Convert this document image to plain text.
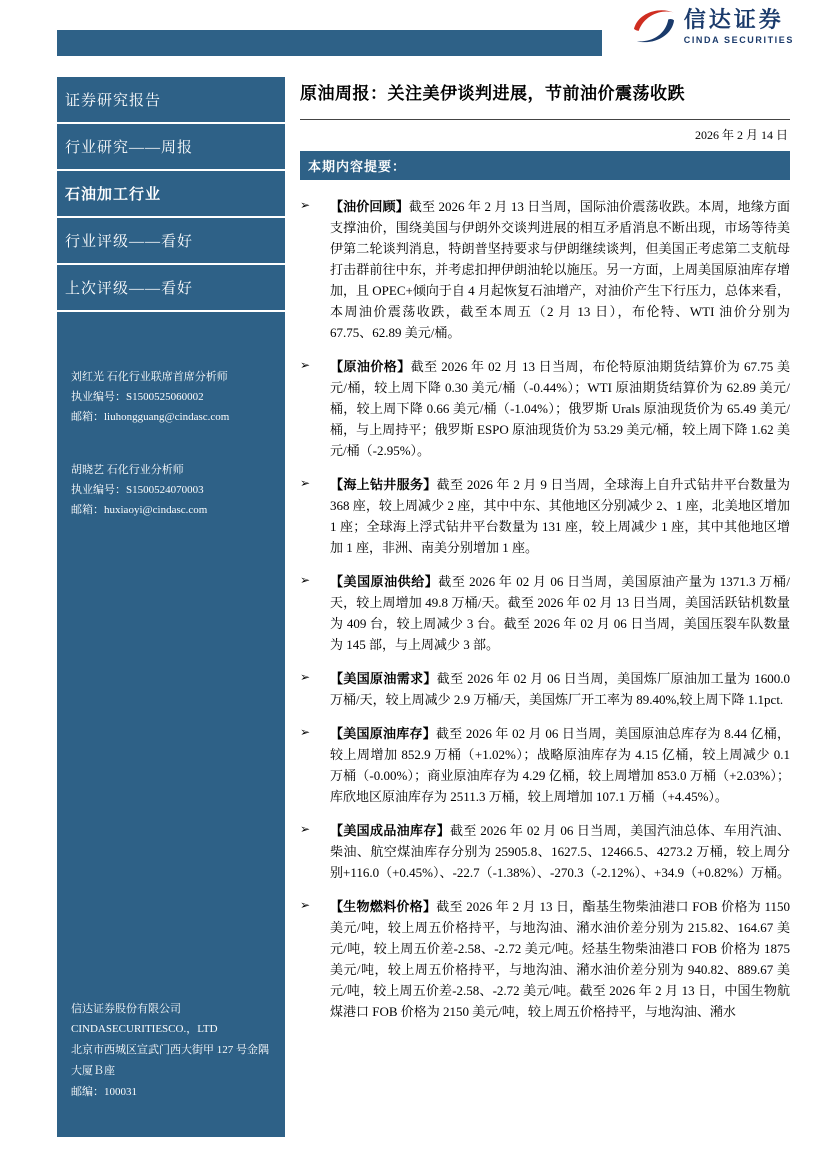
信达证券
CINDA SECURITIES
证券研究报告
行业研究——周报
石油加工行业
行业评级——看好
上次评级——看好
刘红光 石化行业联席首席分析师
执业编号：S1500525060002
邮箱：liuhongguang@cindasc.com
胡晓艺 石化行业分析师
执业编号：S1500524070003
邮箱：huxiaoyi@cindasc.com
信达证券股份有限公司
CINDASECURITIESCO.，LTD
北京市西城区宣武门西大街甲 127 号金隅
大厦Ｂ座
邮编：100031
原油周报：关注美伊谈判进展，节前油价震荡收跌
2026 年 2 月 14 日
本期内容提要：
➢	【油价回顾】截至 2026 年 2 月 13 日当周，国际油价震荡收跌。本周，地缘方面支撑油价，围绕美国与伊朗外交谈判进展的相互矛盾消息不断出现，市场等待美伊第二轮谈判消息，特朗普坚持要求与伊朗继续谈判，但美国正考虑第二支航母打击群前往中东，并考虑扣押伊朗油轮以施压。另一方面，上周美国原油库存增加，且 OPEC+倾向于自 4 月起恢复石油增产，对油价产生下行压力，总体来看，本周油价震荡收跌，截至本周五（2 月 13 日），布伦特、WTI 油价分别为 67.75、62.89 美元/桶。

➢	【原油价格】截至 2026 年 02 月 13 日当周，布伦特原油期货结算价为 67.75 美元/桶，较上周下降 0.30 美元/桶（-0.44%）；WTI 原油期货结算价为 62.89 美元/桶，较上周下降 0.66 美元/桶（-1.04%）；俄罗斯 Urals 原油现货价为 65.49 美元/桶，与上周持平；俄罗斯 ESPO 原油现货价为 53.29 美元/桶，较上周下降 1.62 美元/桶（-2.95%）。

➢	【海上钻井服务】截至 2026 年 2 月 9 日当周，全球海上自升式钻井平台数量为 368 座，较上周减少 2 座，其中中东、其他地区分别减少 2、1 座，北美地区增加 1 座；全球海上浮式钻井平台数量为 131 座，较上周减少 1 座，其中其他地区增加 1 座，非洲、南美分别增加 1 座。

➢	【美国原油供给】截至 2026 年 02 月 06 日当周，美国原油产量为 1371.3 万桶/天，较上周增加 49.8 万桶/天。截至 2026 年 02 月 13 日当周，美国活跃钻机数量为 409 台，较上周减少 3 台。截至 2026 年 02 月 06 日当周，美国压裂车队数量为 145 部，与上周减少 3 部。

➢	【美国原油需求】截至 2026 年 02 月 06 日当周，美国炼厂原油加工量为 1600.0 万桶/天，较上周减少 2.9 万桶/天，美国炼厂开工率为 89.40%,较上周下降 1.1pct.

➢	【美国原油库存】截至 2026 年 02 月 06 日当周，美国原油总库存为 8.44 亿桶，较上周增加 852.9 万桶（+1.02%）；战略原油库存为 4.15 亿桶，较上周减少 0.1 万桶（-0.00%）；商业原油库存为 4.29 亿桶，较上周增加 853.0 万桶（+2.03%）；库欣地区原油库存为 2511.3 万桶，较上周增加 107.1 万桶（+4.45%）。

➢	【美国成品油库存】截至 2026 年 02 月 06 日当周，美国汽油总体、车用汽油、柴油、航空煤油库存分别为 25905.8、1627.5、12466.5、4273.2 万桶，较上周分别+116.0（+0.45%）、-22.7（-1.38%）、-270.3（-2.12%）、+34.9（+0.82%）万桶。

➢	【生物燃料价格】截至 2026 年 2 月 13 日，酯基生物柴油港口 FOB 价格为 1150 美元/吨，较上周五价格持平，与地沟油、潲水油价差分别为 215.82、164.67 美元/吨，较上周五价差-2.58、-2.72 美元/吨。烃基生物柴油港口 FOB 价格为 1875 美元/吨，较上周五价格持平，与地沟油、潲水油价差分别为 940.82、889.67 美元/吨，较上周五价差-2.58、-2.72 美元/吨。截至 2026 年 2 月 13 日，中国生物航煤港口 FOB 价格为 2150 美元/吨，较上周五价格持平，与地沟油、潲水
